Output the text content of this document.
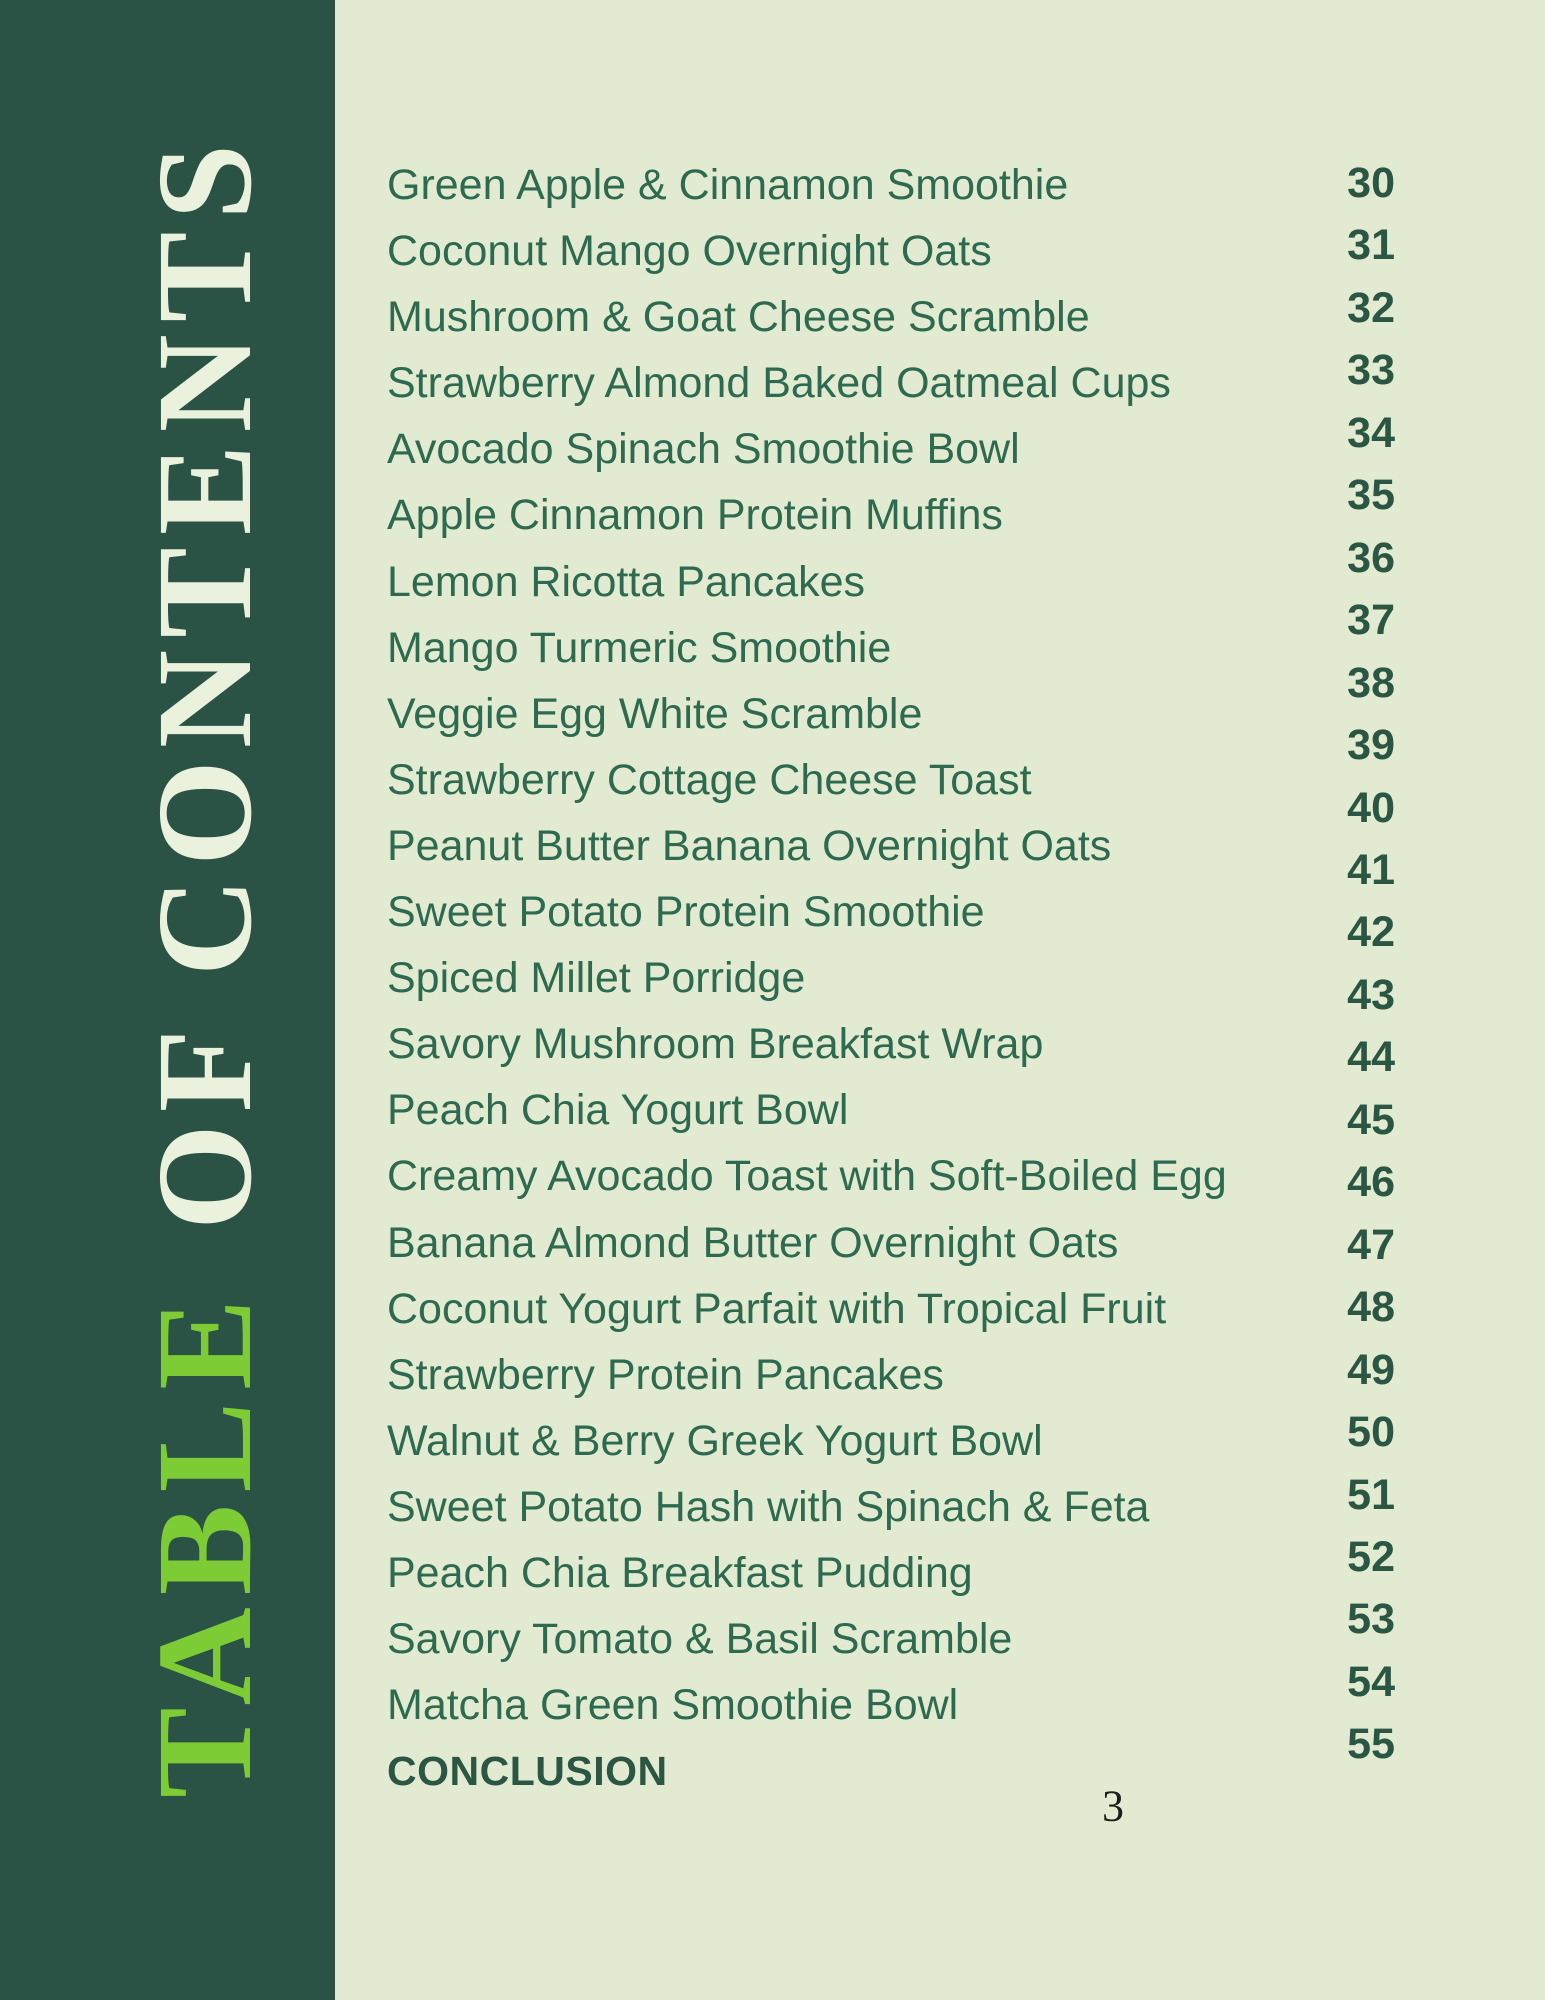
TABLEOF CONTENTS Green Apple & Cinnamon Smoothie
Coconut Mango Overnight Oats
Mushroom & Goat Cheese Scramble
Strawberry Almond Baked Oatmeal Cups
Avocado Spinach Smoothie Bowl
Apple Cinnamon Protein Muffins
Lemon Ricotta Pancakes
Mango Turmeric Smoothie
Veggie Egg White Scramble
Strawberry Cottage Cheese Toast
Peanut Butter Banana Overnight Oats
Sweet Potato Protein Smoothie
Spiced Millet Porridge
Savory Mushroom Breakfast Wrap
Peach Chia Yogurt Bowl
Creamy Avocado Toast with Soft-Boiled Egg
Banana Almond Butter Overnight Oats
Coconut Yogurt Parfait with Tropical Fruit
Strawberry Protein Pancakes
Walnut & Berry Greek Yogurt Bowl
Sweet Potato Hash with Spinach & Feta
Peach Chia Breakfast Pudding
Savory Tomato & Basil Scramble
Matcha Green Smoothie Bowl
CONCLUSION
30
31
32
33
34
35
36
37
38
39
40
41
42
43
44
45
46
47
48
49
50
51
52
53
54
55
3
